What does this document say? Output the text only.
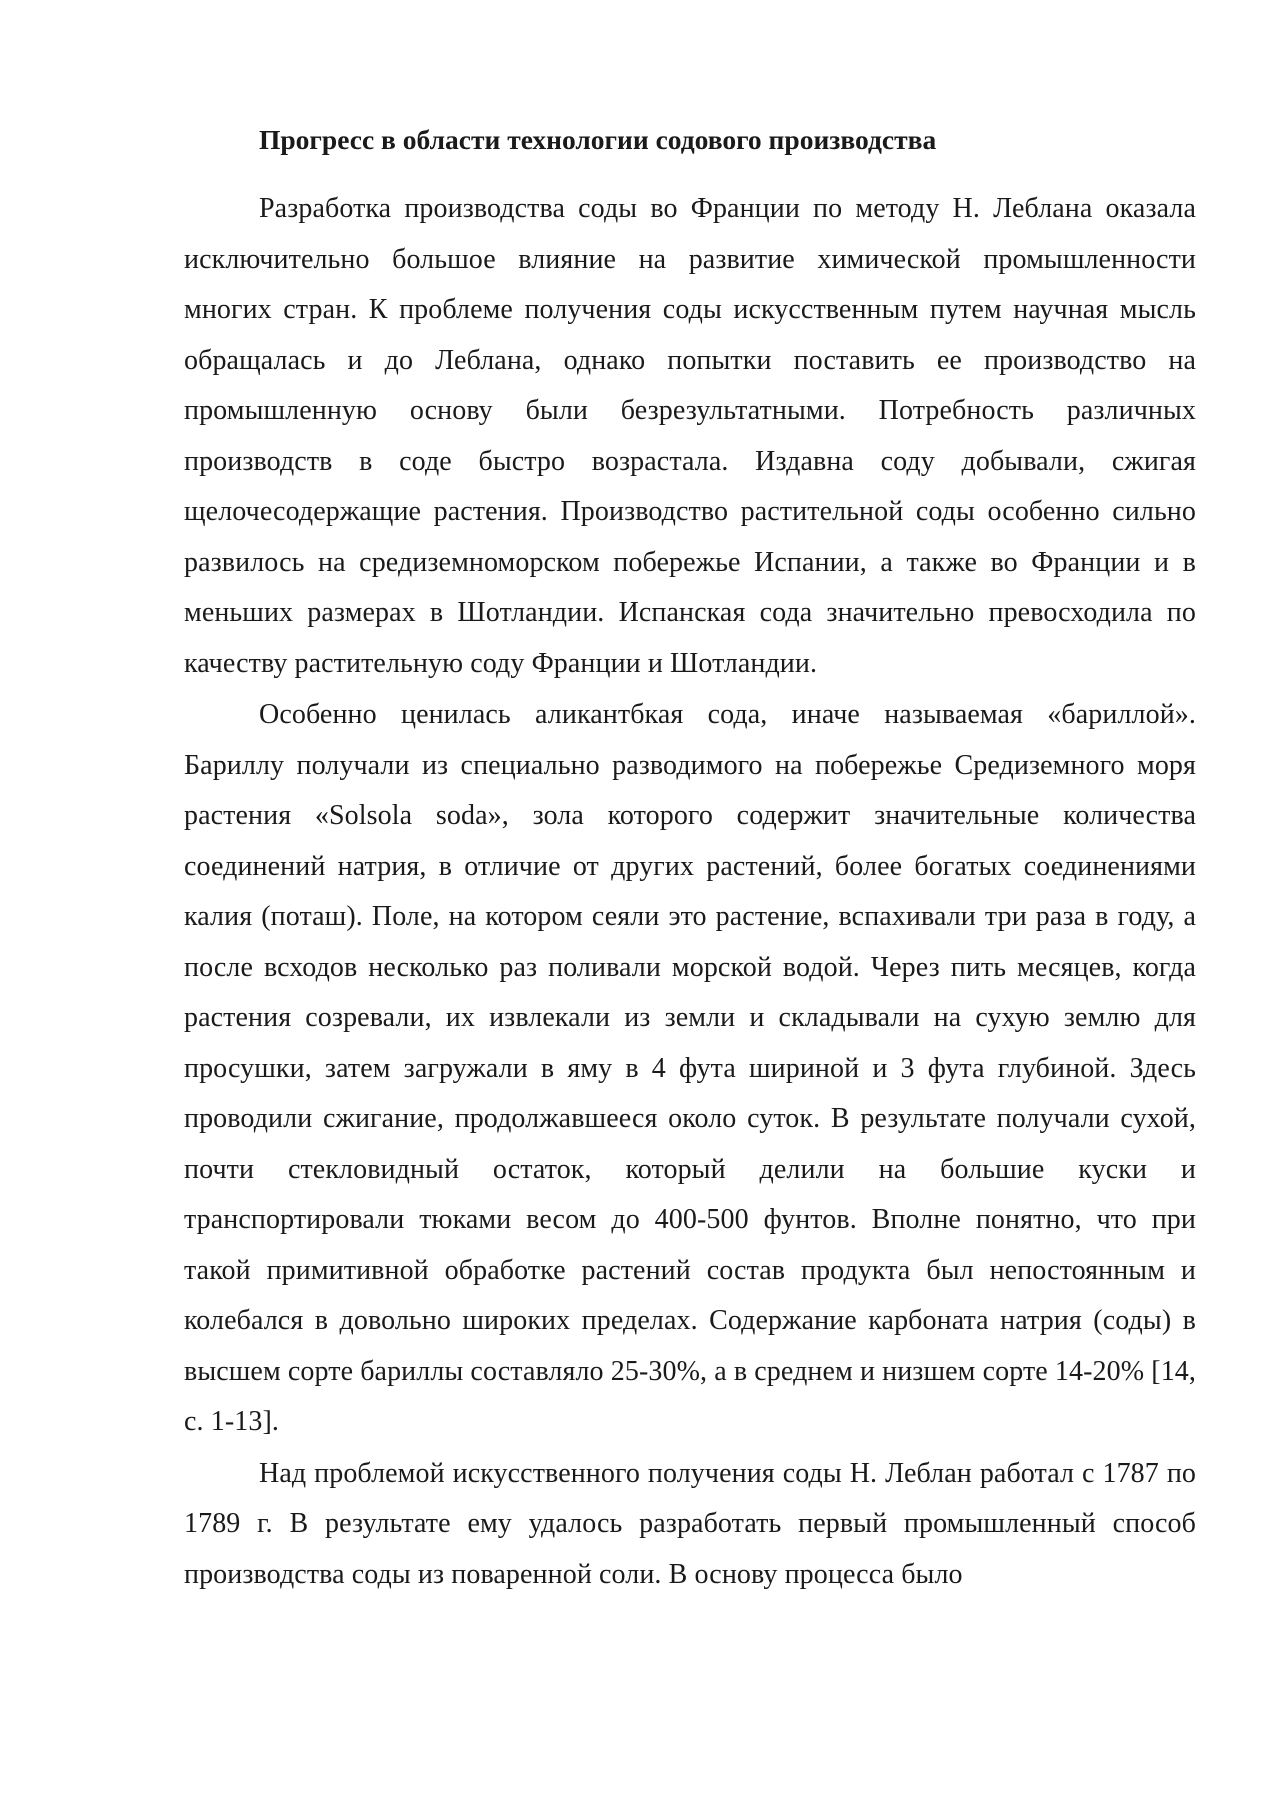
Прогресс в области технологии содового производства

Разработка производства соды во Франции по методу Н. Леблана оказала исключительно большое влияние на развитие химической промышленности многих стран. К проблеме получения соды искусственным путем научная мысль обращалась и до Леблана, однако попытки поставить ее производство на промышленную основу были безрезультатными. Потребность различных производств в соде быстро возрастала. Издавна соду добывали, сжигая щелочесодержащие растения. Производство растительной соды особенно сильно развилось на средиземноморском побережье Испании, а также во Франции и в меньших размерах в Шотландии. Испанская сода значительно превосходила по качеству растительную соду Франции и Шотландии.

Особенно ценилась аликантбкая сода, иначе называемая «бариллой». Бариллу получали из специально разводимого на побережье Средиземного моря растения «Solsola soda», зола которого содержит значительные количества соединений натрия, в отличие от других растений, более богатых соединениями калия (поташ). Поле, на котором сеяли это растение, вспахивали три раза в году, а после всходов несколько раз поливали морской водой. Через пить месяцев, когда растения созревали, их извлекали из земли и складывали на сухую землю для просушки, затем загружали в яму в 4 фута шириной и 3 фута глубиной. Здесь проводили сжигание, продолжавшееся около суток. В результате получали сухой, почти стекловидный остаток, который делили на большие куски и транспортировали тюками весом до 400-500 фунтов. Вполне понятно, что при такой примитивной обработке растений состав продукта был непостоянным и колебался в довольно широких пределах. Содержание карбоната натрия (соды) в высшем сорте бариллы составляло 25-30%, а в среднем и низшем сорте 14-20% [14, с. 1-13].

Над проблемой искусственного получения соды Н. Леблан работал с 1787 по 1789 г. В результате ему удалось разработать первый промышленный способ производства соды из поваренной соли. В основу процесса было
